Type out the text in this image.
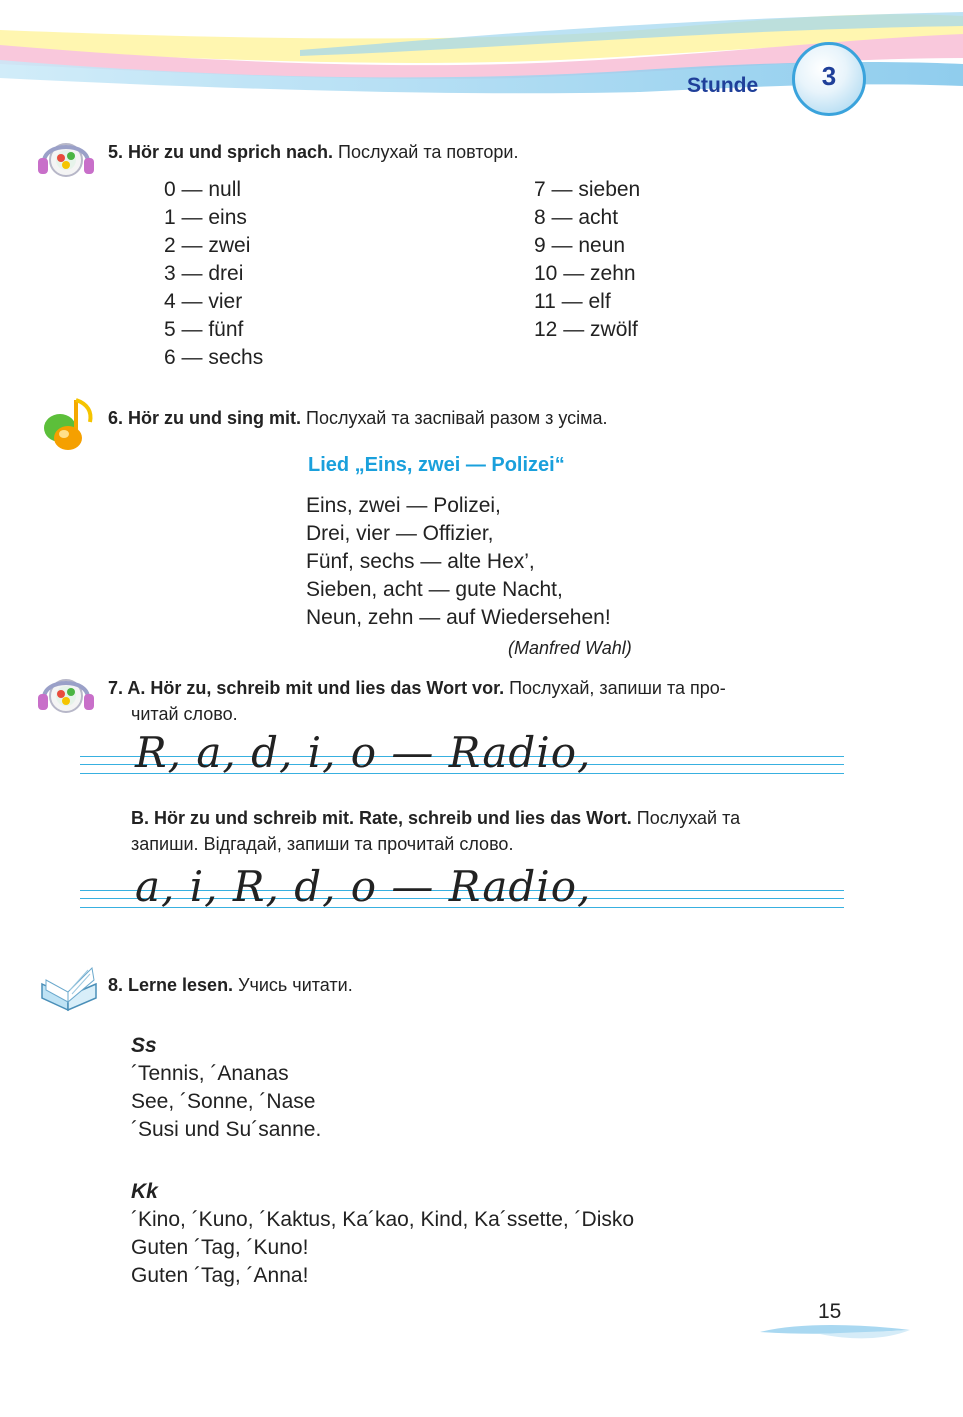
Stunde 3
5. Hör zu und sprich nach. Послухай та повтори.
0 — null
1 — eins
2 — zwei
3 — drei
4 — vier
5 — fünf
6 — sechs
7 — sieben
8 — acht
9 — neun
10 — zehn
11 — elf
12 — zwölf
6. Hör zu und sing mit. Послухай та заспівай разом з усіма.
Lied „Eins, zwei — Polizei“
Eins, zwei — Polizei,
Drei, vier — Offizier,
Fünf, sechs — alte Hex’,
Sieben, acht — gute Nacht,
Neun, zehn — auf Wiedersehen!
(Manfred Wahl)
7. A. Hör zu, schreib mit und lies das Wort vor. Послухай, запиши та про-
читай слово.
R, a, d, i, o — Radio,
B. Hör zu und schreib mit. Rate, schreib und lies das Wort. Послухай та
запиши. Відгадай, запиши та прочитай слово.
a, i, R, d, o — Radio,
8. Lerne lesen. Учись читати.
Ss
´Tennis, ´Ananas
See, ´Sonne, ´Nase
´Susi und Su´sanne.
Kk
´Kino, ´Kuno, ´Kaktus, Ka´kao, Kind, Ka´ssette, ´Disko
Guten ´Tag, ´Kuno!
Guten ´Tag, ´Anna!
15
